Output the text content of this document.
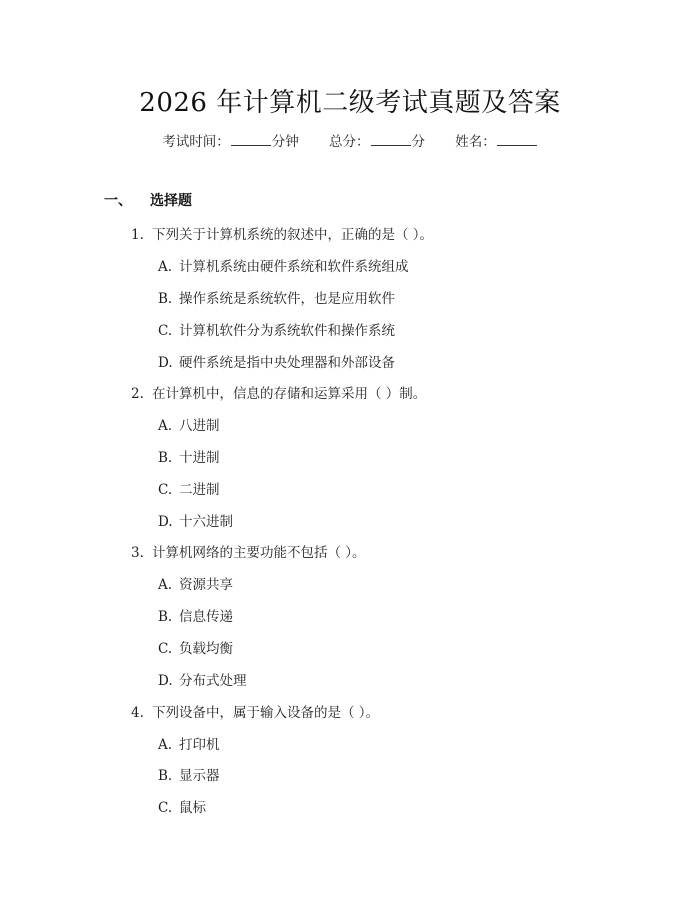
2026 年计算机二级考试真题及答案
考试时间：	分钟 总分：	分 姓名：
一、 选择题
1. 下列关于计算机系统的叙述中，正确的是（ ）。
A. 计算机系统由硬件系统和软件系统组成
B. 操作系统是系统软件，也是应用软件
C. 计算机软件分为系统软件和操作系统
D. 硬件系统是指中央处理器和外部设备
2. 在计算机中，信息的存储和运算采用（ ）制。
A. 八进制
B. 十进制
C. 二进制
D. 十六进制
3. 计算机网络的主要功能不包括（ ）。
A. 资源共享
B. 信息传递
C. 负载均衡
D. 分布式处理
4. 下列设备中，属于输入设备的是（ ）。
A. 打印机
B. 显示器
C. 鼠标
